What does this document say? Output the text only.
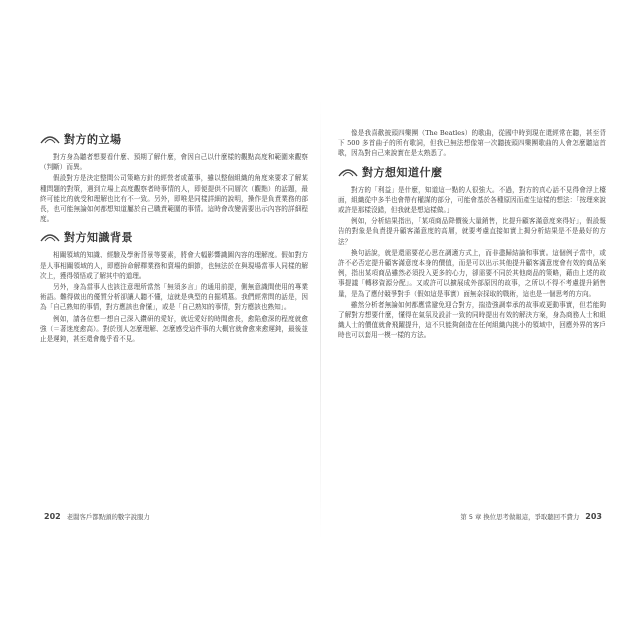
對方的立場

對方身為聽者想要看什麼、預期了解什麼，會因自己以什麼樣的觀點高度和範圍來觀察（判斷）而異。

假設對方是決定整間公司策略方針的經營者或董事，雖以整個組織的角度來要求了解某種問題的對策，遇到立場上高度觀察者時事情的人，即便提供不同層次（觀點）的話題，最終可能比的就受和理解也比有不一致。另外，即唯是同樣詳細的說明，操作是負責業務的部長，也可能無論如何都想知道屬於自己職責範圍的事情。這時會改變需要出示內容的詳細程度。

對方知識背景

相關領域的知識、經驗及學術背景等要素，將會大幅影響識圖內容的理解度。假如對方是人事相關領域的人，即應拚命解釋業務和賣場的細節，也無法於在與現場當事人同樣的解次上，獲得領悟或了解其中的道理。

另外，身為當事人也該注意理所當然「無須多言」的通用前提，側無意識間使用的專業術語。難得做出的優質分析卻讓人聽不懂，這就是典型的自掘墳墓。我們經常問的話是，因為「自己熟知的事情，對方應該也會懂」，或是「自己熟知的事情，對方應該也熟知」。

例如，請各位想一想自己深入鑽研的愛好，就近愛好的時間愈長，愈陷愈深的程度就愈強（＝著迷度愈高）。對於別人怎麼理解、怎麼感受這件事的大概官就會愈來愈遲鈍，最後並止是遲鈍，甚至還會幾乎看不見。

202 老闆客戶都點頭的數字說服力

像是我喜歡披頭四樂團（The Beatles）的歌曲，從國中時到現在還經常在聽，甚至背下 500 多首曲子的所有歌詞，但我已無法想像第一次聽披頭四樂團歌曲的人會怎麼聽這首歌，因為對自己來說實在是太熟悉了。

對方想知道什麼

對方的「利益」是什麼，知道這一點的人很強大。不過，對方的真心話不見得會浮上檯面，組織從中多半也會帶有權謀的部分，可能會基於各種原因而產生這樣的想法：「按理來說或許是那樣沒錯，但我就是想這樣做。」

例如，分析結果指出，「某項商品降價後大量銷售，比提升顧客滿意度來得好」，假設報告的對象是負責提升顧客滿意度的高層，就要考慮直接如實上揭分析結果是不是最好的方法？

換句話說，就是還需要花心思在調適方式上，而非盡歸結論和事實。這個例子當中，或許不必否定提升顧客滿意度本身的價值，而是可以出示其他提升顧客滿意度會有效的商品案例，指出某項商品雖然必須投入更多的心力，卻需要不同於其他商品的策略，藉由上述的故事提議「轉移資源分配」。又或許可以擴展成外部原因的故事，之所以不得不考慮提升銷售量，是為了應付競爭對手（假如這是事實）面無奈採取的戰術，這也是一個思考的方向。

雖然分析者無論如何都應當避免迎合對方，揣造強調奉承的故事或更動事實，但若能夠了解對方想要什麼，懂得在氣氛及設計一致的同時提出有效的解決方案，身為商務人士和組織人士的價值就會飛躍提升，這不只能夠創造在任何組織內挑小的領域中，回應外界的客戶時也可以套用一模一樣的方法。

第 5 章 換位思考做報這，爭取聽回不費力 203
